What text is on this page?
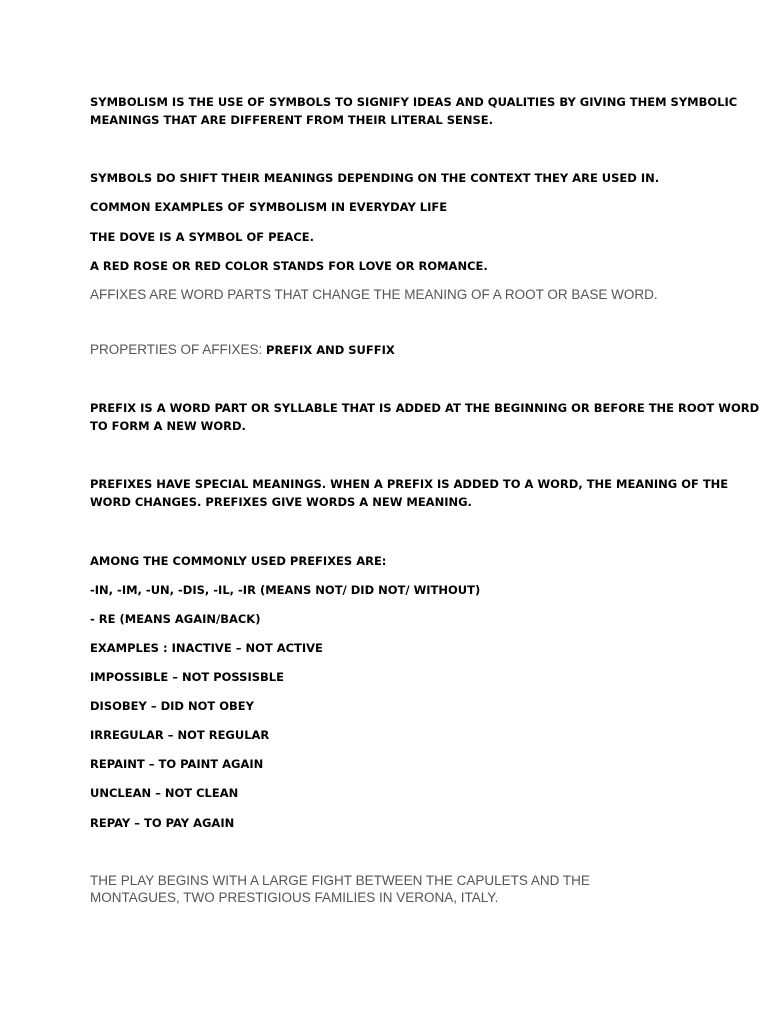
SYMBOLISM IS THE USE OF SYMBOLS TO SIGNIFY IDEAS AND QUALITIES BY GIVING THEM SYMBOLIC

MEANINGS THAT ARE DIFFERENT FROM THEIR LITERAL SENSE.

SYMBOLS DO SHIFT THEIR MEANINGS DEPENDING ON THE CONTEXT THEY ARE USED IN.

COMMON EXAMPLES OF SYMBOLISM IN EVERYDAY LIFE

THE DOVE IS A SYMBOL OF PEACE.

A RED ROSE OR RED COLOR STANDS FOR LOVE OR ROMANCE.

AFFIXES ARE WORD PARTS THAT CHANGE THE MEANING OF A ROOT OR BASE WORD.

PROPERTIES OF AFFIXES: PREFIX AND SUFFIX

PREFIX IS A WORD PART OR SYLLABLE THAT IS ADDED AT THE BEGINNING OR BEFORE THE ROOT WORD

TO FORM A NEW WORD.

PREFIXES HAVE SPECIAL MEANINGS. WHEN A PREFIX IS ADDED TO A WORD, THE MEANING OF THE

WORD CHANGES. PREFIXES GIVE WORDS A NEW MEANING.

AMONG THE COMMONLY USED PREFIXES ARE:

-IN, -IM, -UN, -DIS, -IL, -IR (MEANS NOT/ DID NOT/ WITHOUT)

- RE (MEANS AGAIN/BACK)

EXAMPLES : INACTIVE – NOT ACTIVE

IMPOSSIBLE – NOT POSSISBLE

DISOBEY – DID NOT OBEY

IRREGULAR – NOT REGULAR

REPAINT – TO PAINT AGAIN

UNCLEAN – NOT CLEAN

REPAY – TO PAY AGAIN

THE PLAY BEGINS WITH A LARGE FIGHT BETWEEN THE CAPULETS AND THE

MONTAGUES, TWO PRESTIGIOUS FAMILIES IN VERONA, ITALY.
